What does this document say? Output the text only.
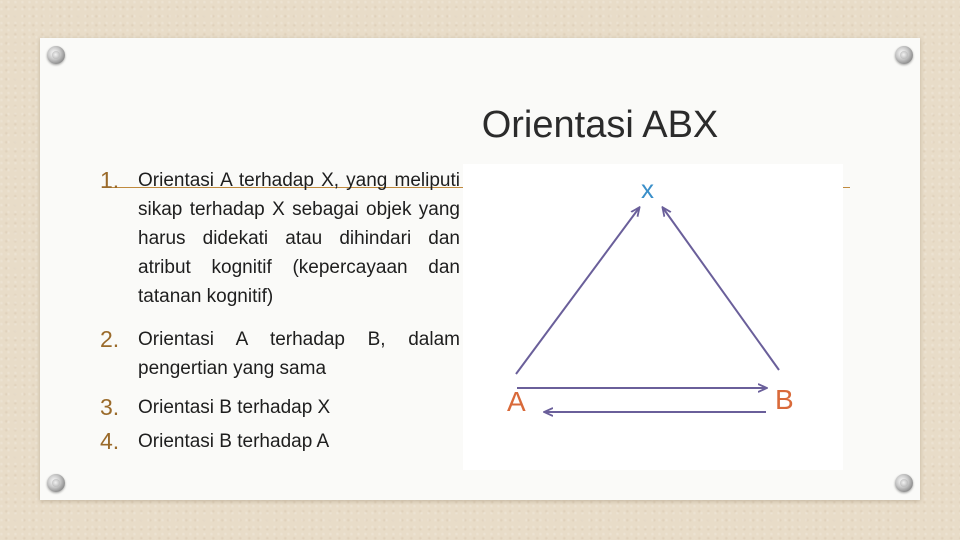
Orientasi ABX
1. Orientasi A terhadap X, yang meliputi sikap terhadap X sebagai objek yang harus didekati atau dihindari dan atribut kognitif (kepercayaan dan tatanan kognitif)
2. Orientasi A terhadap B, dalam pengertian yang sama
3. Orientasi B terhadap X
4. Orientasi B terhadap A
x
A	B
